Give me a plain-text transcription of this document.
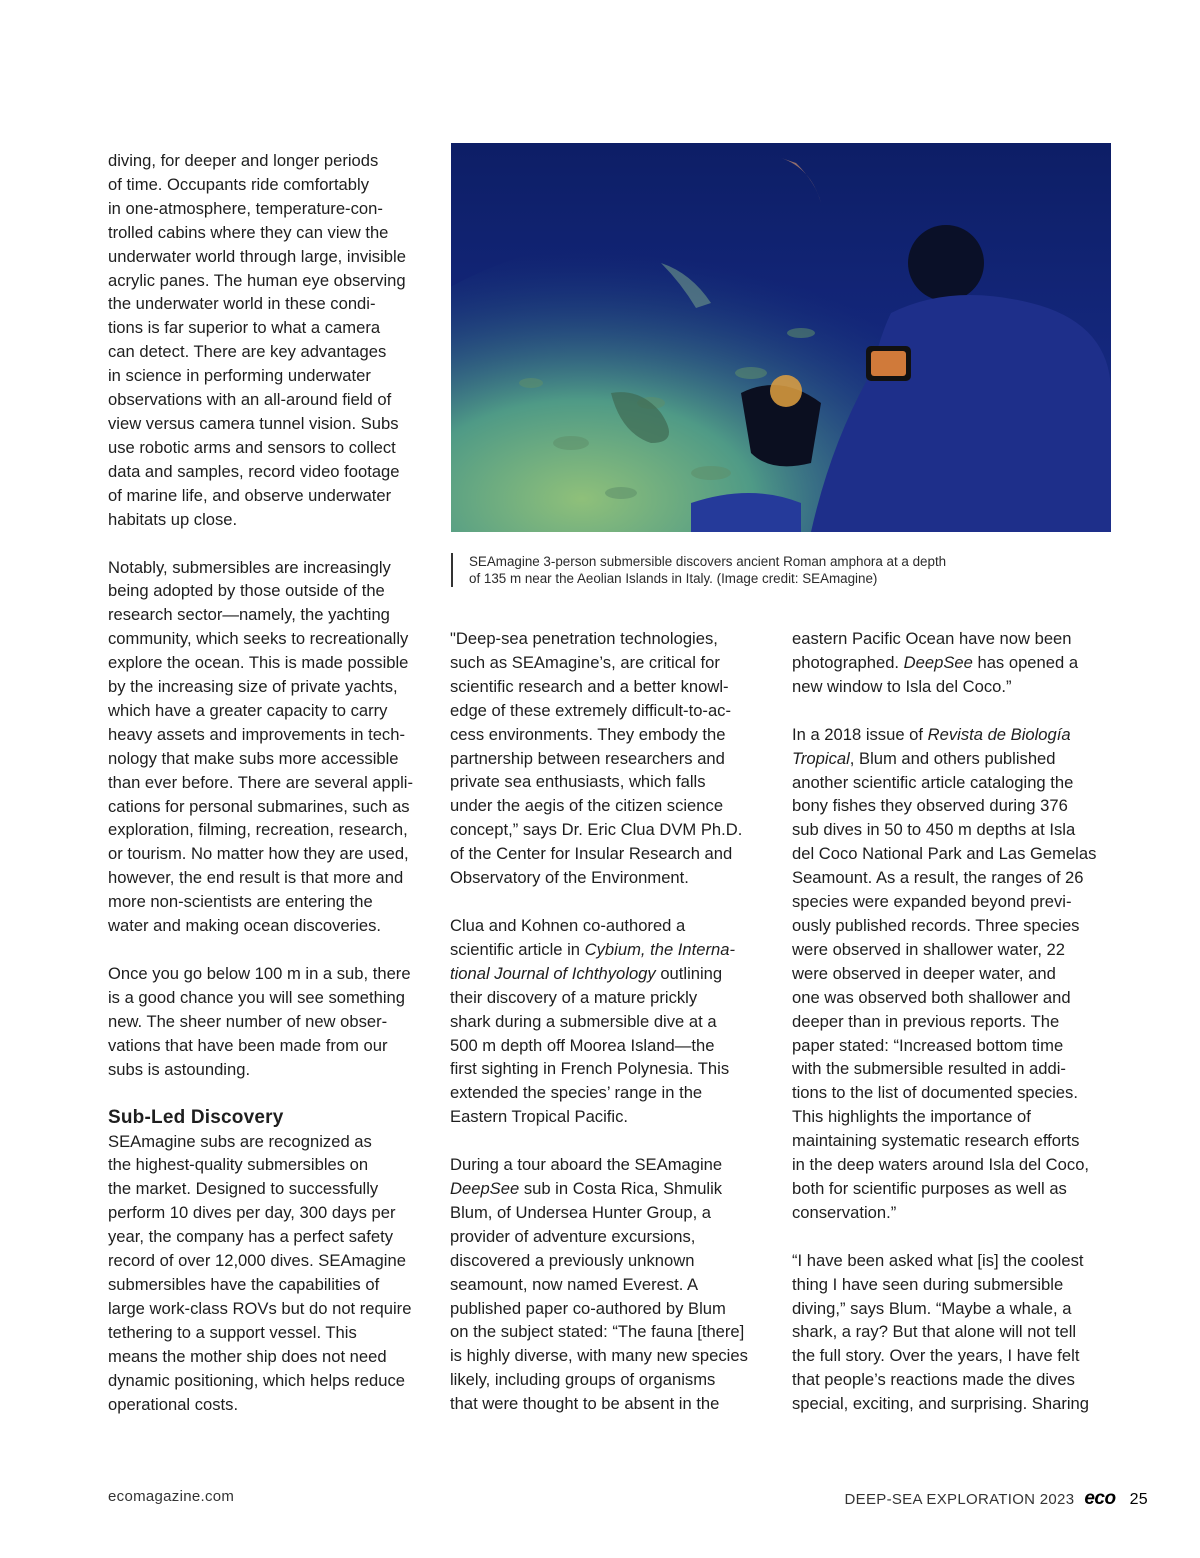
diving, for deeper and longer periods
of time. Occupants ride comfortably
in one-atmosphere, temperature-con-
trolled cabins where they can view the
underwater world through large, invisible
acrylic panes. The human eye observing
the underwater world in these condi-
tions is far superior to what a camera
can detect. There are key advantages
in science in performing underwater
observations with an all-around field of
view versus camera tunnel vision. Subs
use robotic arms and sensors to collect
data and samples, record video footage
of marine life, and observe underwater
habitats up close.

Notably, submersibles are increasingly
being adopted by those outside of the
research sector—namely, the yachting
community, which seeks to recreationally
explore the ocean. This is made possible
by the increasing size of private yachts,
which have a greater capacity to carry
heavy assets and improvements in tech-
nology that make subs more accessible
than ever before. There are several appli-
cations for personal submarines, such as
exploration, filming, recreation, research,
or tourism. No matter how they are used,
however, the end result is that more and
more non-scientists are entering the
water and making ocean discoveries.

Once you go below 100 m in a sub, there
is a good chance you will see something
new. The sheer number of new obser-
vations that have been made from our
subs is astounding.

Sub-Led Discovery

SEAmagine subs are recognized as
the highest-quality submersibles on
the market. Designed to successfully
perform 10 dives per day, 300 days per
year, the company has a perfect safety
record of over 12,000 dives. SEAmagine
submersibles have the capabilities of
large work-class ROVs but do not require
tethering to a support vessel. This
means the mother ship does not need
dynamic positioning, which helps reduce
operational costs.

SEAmagine 3-person submersible discovers ancient Roman amphora at a depth
of 135 m near the Aeolian Islands in Italy. (Image credit: SEAmagine)

"Deep-sea penetration technologies,
such as SEAmagine’s, are critical for
scientific research and a better knowl-
edge of these extremely difficult-to-ac-
cess environments. They embody the
partnership between researchers and
private sea enthusiasts, which falls
under the aegis of the citizen science
concept,” says Dr. Eric Clua DVM Ph.D.
of the Center for Insular Research and
Observatory of the Environment.

Clua and Kohnen co-authored a
scientific article in Cybium, the Interna-
tional Journal of Ichthyology outlining
their discovery of a mature prickly
shark during a submersible dive at a
500 m depth off Moorea Island—the
first sighting in French Polynesia. This
extended the species’ range in the
Eastern Tropical Pacific.

During a tour aboard the SEAmagine
DeepSee sub in Costa Rica, Shmulik
Blum, of Undersea Hunter Group, a
provider of adventure excursions,
discovered a previously unknown
seamount, now named Everest. A
published paper co-authored by Blum
on the subject stated: “The fauna [there]
is highly diverse, with many new species
likely, including groups of organisms
that were thought to be absent in the

eastern Pacific Ocean have now been
photographed. DeepSee has opened a
new window to Isla del Coco.”

In a 2018 issue of Revista de Biología
Tropical, Blum and others published
another scientific article cataloging the
bony fishes they observed during 376
sub dives in 50 to 450 m depths at Isla
del Coco National Park and Las Gemelas
Seamount. As a result, the ranges of 26
species were expanded beyond previ-
ously published records. Three species
were observed in shallower water, 22
were observed in deeper water, and
one was observed both shallower and
deeper than in previous reports. The
paper stated: “Increased bottom time
with the submersible resulted in addi-
tions to the list of documented species.
This highlights the importance of
maintaining systematic research efforts
in the deep waters around Isla del Coco,
both for scientific purposes as well as
conservation.”

“I have been asked what [is] the coolest
thing I have seen during submersible
diving,” says Blum. “Maybe a whale, a
shark, a ray? But that alone will not tell
the full story. Over the years, I have felt
that people’s reactions made the dives
special, exciting, and surprising. Sharing

ecomagazine.com	DEEP-SEA EXPLORATION 2023 eco 25
